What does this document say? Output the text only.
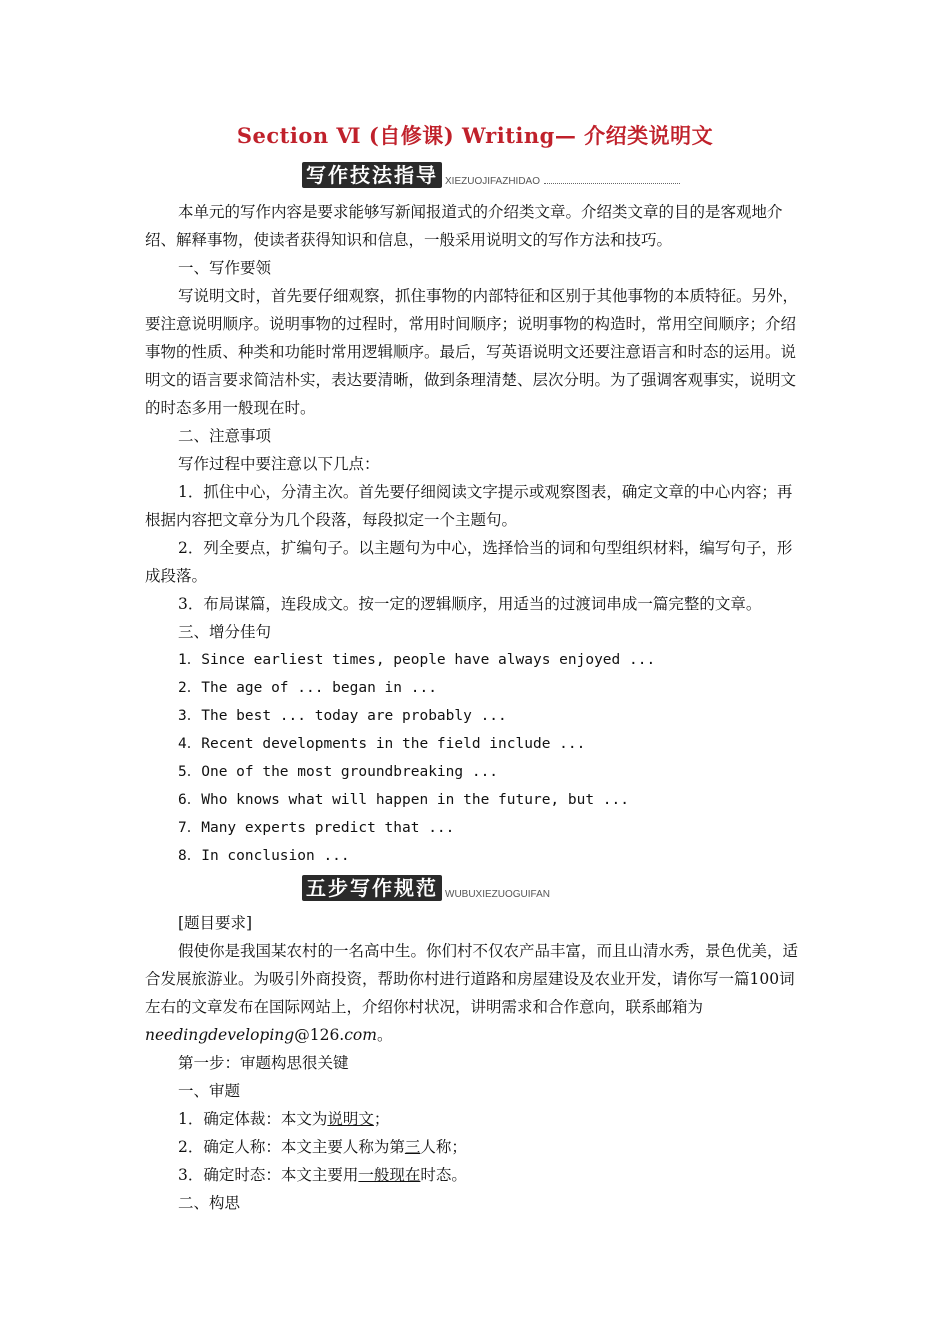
Section Ⅵ (自修课) Writing— 介绍类说明文
写作技法指导 XIEZUOJIFAZHIDAO

本单元的写作内容是要求能够写新闻报道式的介绍类文章。介绍类文章的目的是客观地介绍、解释事物，使读者获得知识和信息，一般采用说明文的写作方法和技巧。

一、写作要领

写说明文时，首先要仔细观察，抓住事物的内部特征和区别于其他事物的本质特征。另外，要注意说明顺序。说明事物的过程时，常用时间顺序；说明事物的构造时，常用空间顺序；介绍事物的性质、种类和功能时常用逻辑顺序。最后，写英语说明文还要注意语言和时态的运用。说明文的语言要求简洁朴实，表达要清晰，做到条理清楚、层次分明。为了强调客观事实，说明文的时态多用一般现在时。

二、注意事项

写作过程中要注意以下几点：

1．抓住中心，分清主次。首先要仔细阅读文字提示或观察图表，确定文章的中心内容；再根据内容把文章分为几个段落，每段拟定一个主题句。

2．列全要点，扩编句子。以主题句为中心，选择恰当的词和句型组织材料，编写句子，形成段落。

3．布局谋篇，连段成文。按一定的逻辑顺序，用适当的过渡词串成一篇完整的文章。

三、增分佳句

1．Since earliest times, people have always enjoyed ...

2．The age of ... began in ...

3．The best ... today are probably ...

4．Recent developments in the field include ...

5．One of the most groundbreaking ...

6．Who knows what will happen in the future, but ...

7．Many experts predict that ...

8．In conclusion ...

五步写作规范 WUBUXIEZUOGUIFAN

[题目要求]

假使你是我国某农村的一名高中生。你们村不仅农产品丰富，而且山清水秀，景色优美，适合发展旅游业。为吸引外商投资，帮助你村进行道路和房屋建设及农业开发，请你写一篇100词左右的文章发布在国际网站上，介绍你村状况，讲明需求和合作意向，联系邮箱为needingdeveloping@126.com。

第一步：审题构思很关键

一、审题

1．确定体裁：本文为说明文；

2．确定人称：本文主要人称为第三人称；

3．确定时态：本文主要用一般现在时态。

二、构思
